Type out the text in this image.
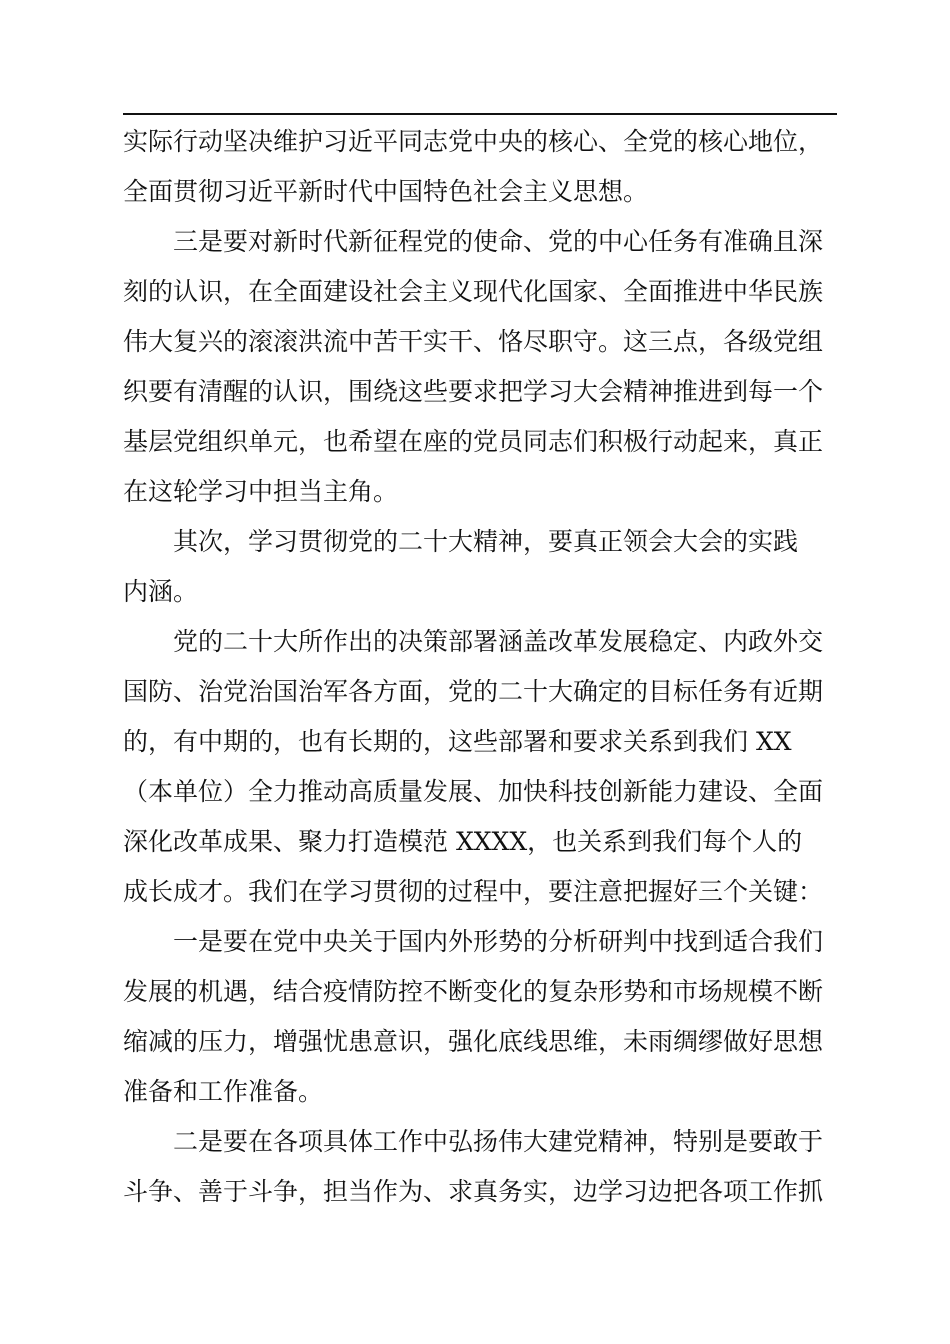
实际行动坚决维护习近平同志党中央的核心、全党的核心地位，
全面贯彻习近平新时代中国特色社会主义思想。
三是要对新时代新征程党的使命、党的中心任务有准确且深
刻的认识，在全面建设社会主义现代化国家、全面推进中华民族
伟大复兴的滚滚洪流中苦干实干、恪尽职守。这三点，各级党组
织要有清醒的认识，围绕这些要求把学习大会精神推进到每一个
基层党组织单元，也希望在座的党员同志们积极行动起来，真正
在这轮学习中担当主角。
其次，学习贯彻党的二十大精神，要真正领会大会的实践
内涵。
党的二十大所作出的决策部署涵盖改革发展稳定、内政外交
国防、治党治国治军各方面，党的二十大确定的目标任务有近期
的，有中期的，也有长期的，这些部署和要求关系到我们 XX
（本单位）全力推动高质量发展、加快科技创新能力建设、全面
深化改革成果、聚力打造模范 XXXX，也关系到我们每个人的
成长成才。我们在学习贯彻的过程中，要注意把握好三个关键：
一是要在党中央关于国内外形势的分析研判中找到适合我们
发展的机遇，结合疫情防控不断变化的复杂形势和市场规模不断
缩减的压力，增强忧患意识，强化底线思维，未雨绸缪做好思想
准备和工作准备。
二是要在各项具体工作中弘扬伟大建党精神，特别是要敢于
斗争、善于斗争，担当作为、求真务实，边学习边把各项工作抓
